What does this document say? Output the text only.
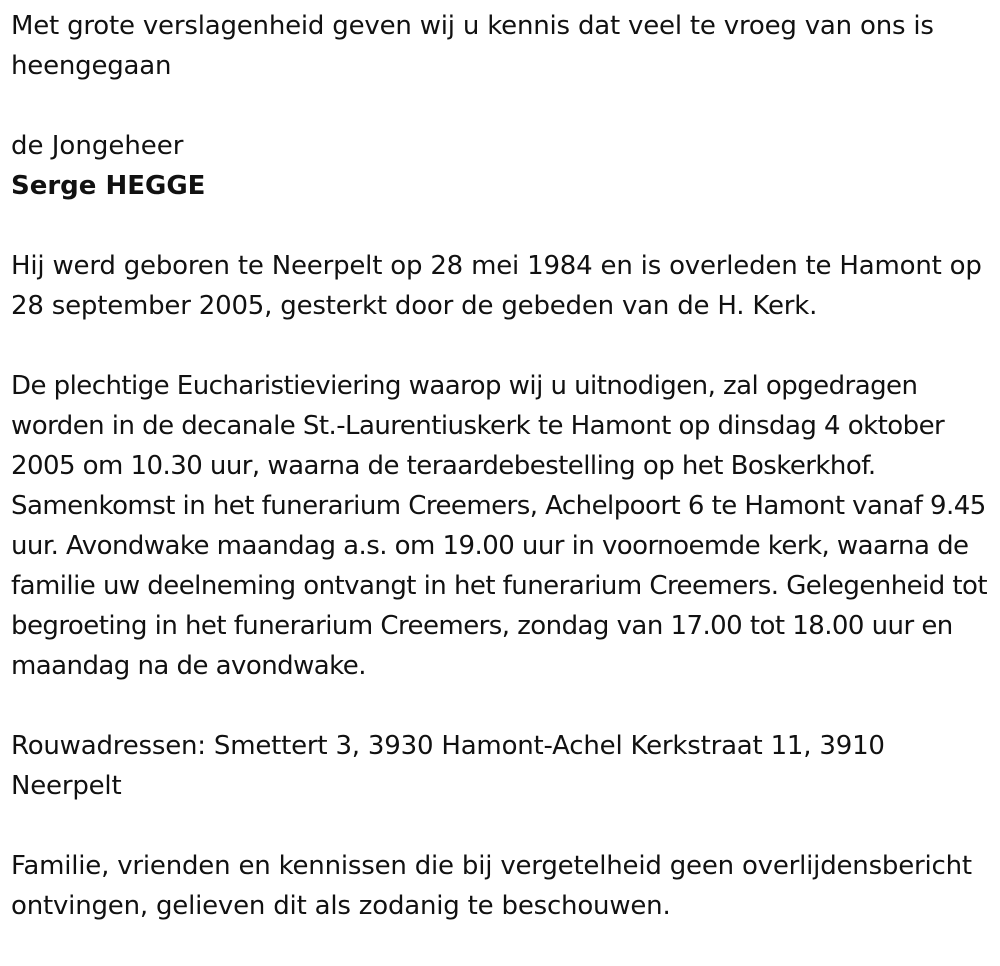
Met grote verslagenheid geven wij u kennis dat veel te vroeg van ons is heengegaan

de Jongeheer

Serge HEGGE

Hij werd geboren te Neerpelt op 28 mei 1984 en is overleden te Hamont op 28 september 2005, gesterkt door de gebeden van de H. Kerk.

De plechtige Eucharistieviering waarop wij u uitnodigen, zal opgedragen worden in de decanale St.-Laurentiuskerk te Hamont op dinsdag 4 oktober 2005 om 10.30 uur, waarna de teraardebestelling op het Boskerkhof. Samenkomst in het funerarium Creemers, Achelpoort 6 te Hamont vanaf 9.45 uur. Avondwake maandag a.s. om 19.00 uur in voornoemde kerk, waarna de familie uw deelneming ontvangt in het funerarium Creemers. Gelegenheid tot begroeting in het funerarium Creemers, zondag van 17.00 tot 18.00 uur en maandag na de avondwake.

Rouwadressen: Smettert 3, 3930 Hamont-Achel Kerkstraat 11, 3910 Neerpelt

Familie, vrienden en kennissen die bij vergetelheid geen overlijdensbericht ontvingen, gelieven dit als zodanig te beschouwen.
